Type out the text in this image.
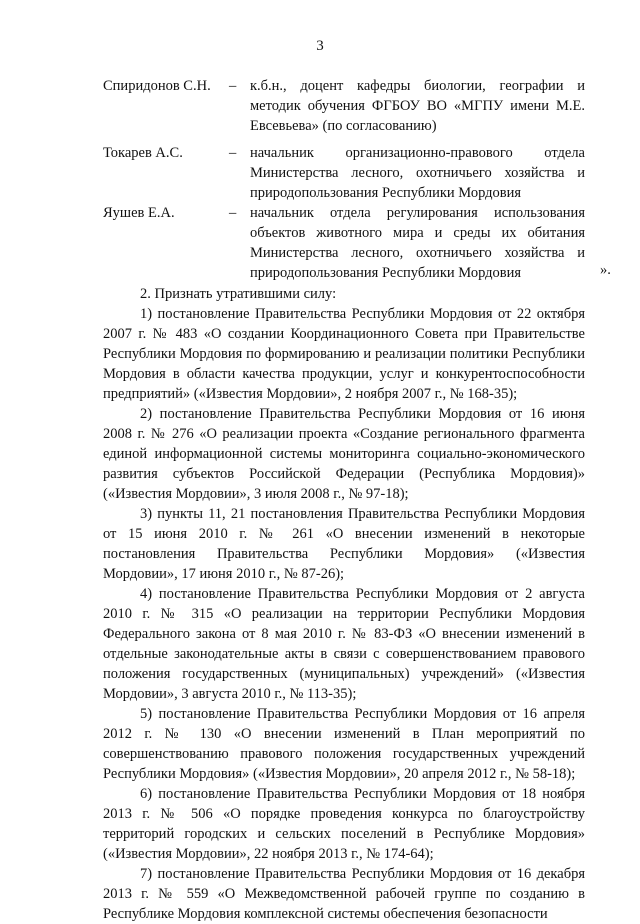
3
Спиридонов С.Н.	– к.б.н., доцент кафедры биологии, географии и методик обучения ФГБОУ ВО «МГПУ имени М.Е. Евсевьева» (по согласованию)
Токарев А.С.	– начальник организационно-правового отдела Министерства лесного, охотничьего хозяйства и природопользования Республики Мордовия
Яушев Е.А.	– начальник отдела регулирования использования объектов животного мира и среды их обитания Министерства лесного, охотничьего хозяйства и природопользования Республики Мордовия	».

2. Признать утратившими силу:

1) постановление Правительства Республики Мордовия от 22 октября 2007 г. № 483 «О создании Координационного Совета при Правительстве Республики Мордовия по формированию и реализации политики Республики Мордовия в области качества продукции, услуг и конкурентоспособности предприятий» («Известия Мордовии», 2 ноября 2007 г., № 168-35);

2) постановление Правительства Республики Мордовия от 16 июня 2008 г. № 276 «О реализации проекта «Создание регионального фрагмента единой информационной системы мониторинга социально-экономического развития субъектов Российской Федерации (Республика Мордовия)» («Известия Мордовии», 3 июля 2008 г., № 97-18);

3) пункты 11, 21 постановления Правительства Республики Мордовия от 15 июня 2010 г. № 261 «О внесении изменений в некоторые постановления Правительства Республики Мордовия» («Известия Мордовии», 17 июня 2010 г., № 87-26);

4) постановление Правительства Республики Мордовия от 2 августа 2010 г. № 315 «О реализации на территории Республики Мордовия Федерального закона от 8 мая 2010 г. № 83-ФЗ «О внесении изменений в отдельные законодательные акты в связи с совершенствованием правового положения государственных (муниципальных) учреждений» («Известия Мордовии», 3 августа 2010 г., № 113-35);

5) постановление Правительства Республики Мордовия от 16 апреля 2012 г. № 130 «О внесении изменений в План мероприятий по совершенствованию правового положения государственных учреждений Республики Мордовия» («Известия Мордовии», 20 апреля 2012 г., № 58-18);

6) постановление Правительства Республики Мордовия от 18 ноября 2013 г. № 506 «О порядке проведения конкурса по благоустройству территорий городских и сельских поселений в Республике Мордовия» («Известия Мордовии», 22 ноября 2013 г., № 174-64);

7) постановление Правительства Республики Мордовия от 16 декабря 2013 г. № 559 «О Межведомственной рабочей группе по созданию в Республике Мордовия комплексной системы обеспечения безопасности
